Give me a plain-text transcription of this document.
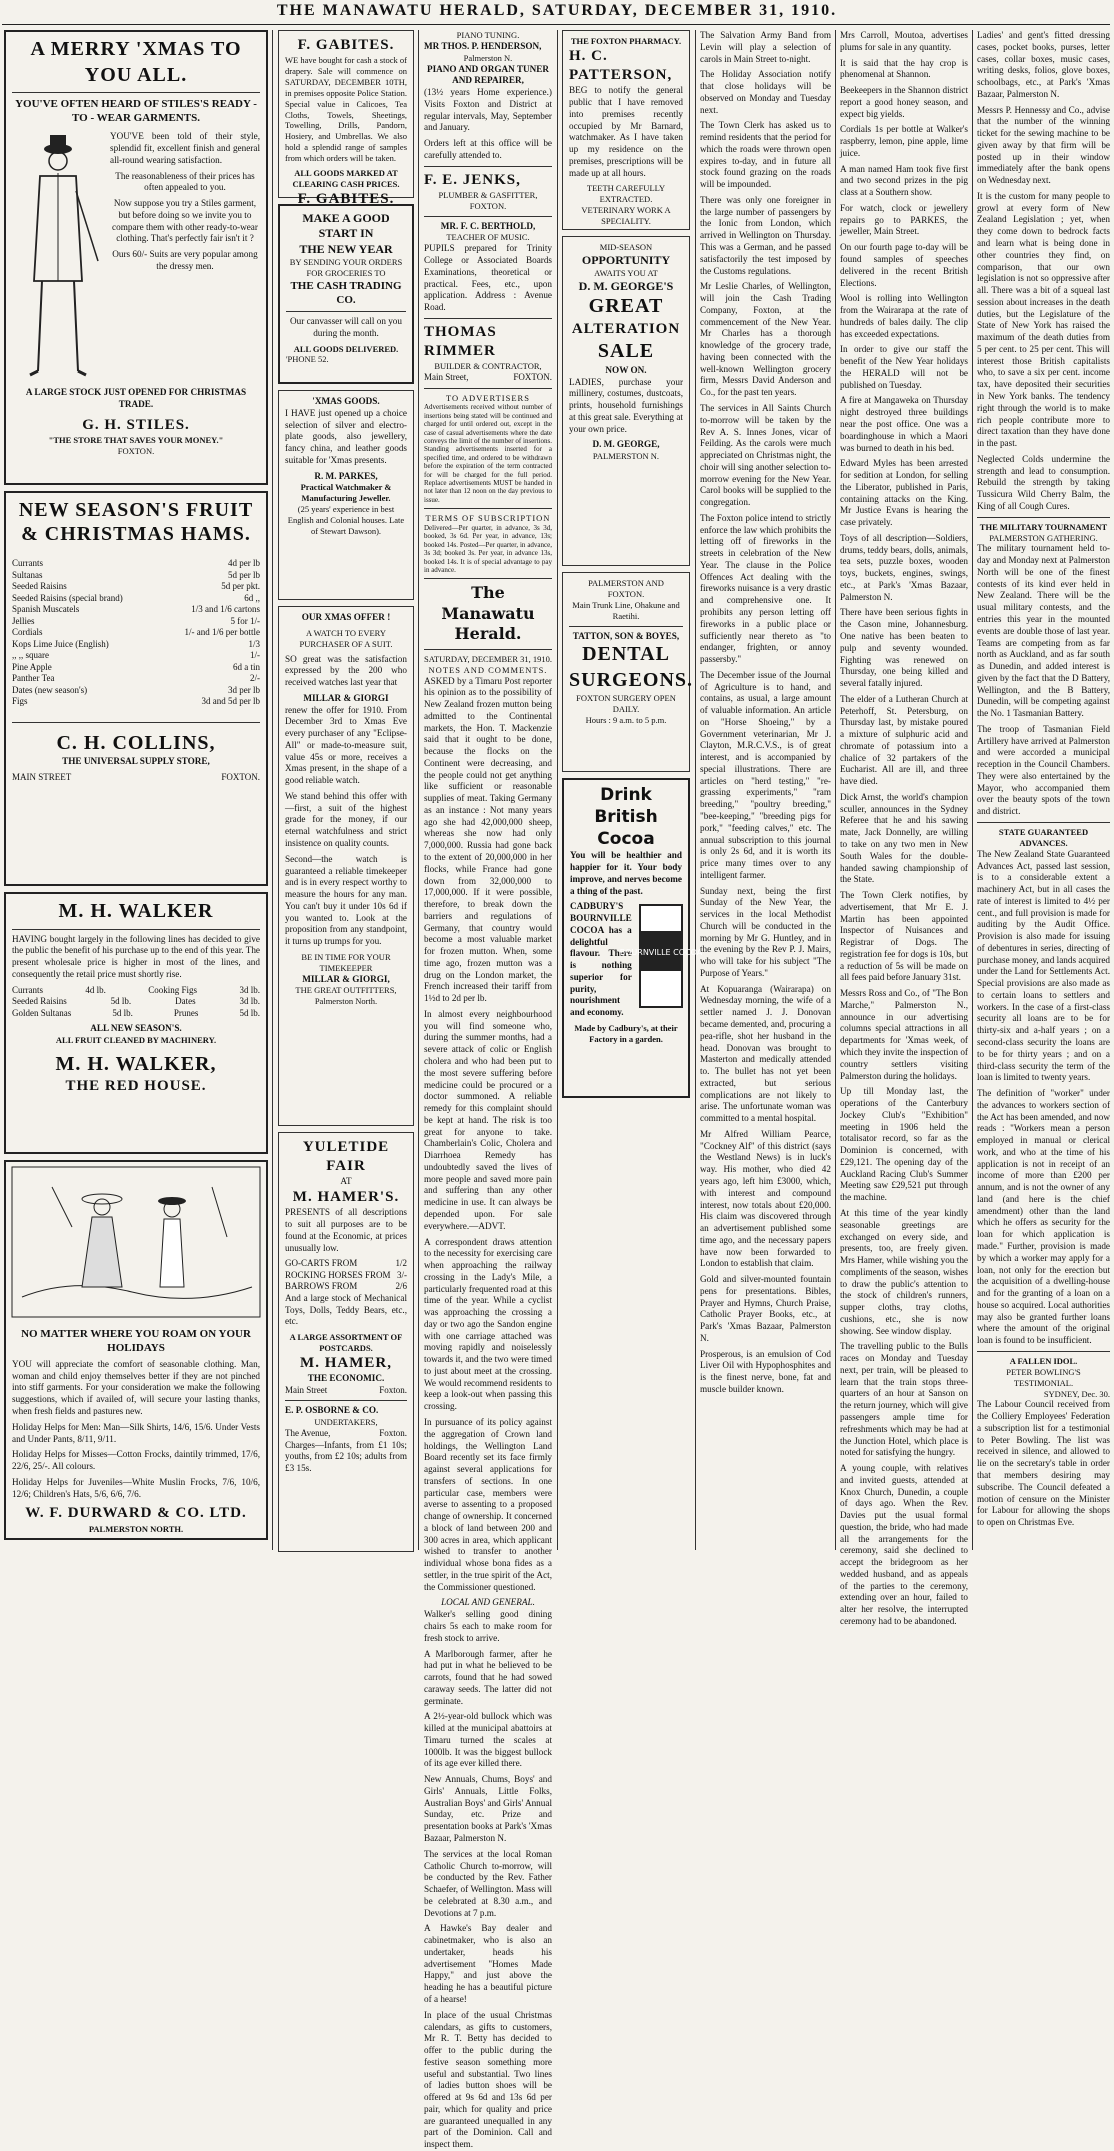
THE MANAWATU HERALD, SATURDAY, DECEMBER 31, 1910.
A MERRY 'XMAS TO YOU ALL.
YOU'VE OFTEN HEARD OF STILES'S READY - TO - WEAR GARMENTS.

YOU'VE been told of their style, splendid fit, excellent finish and general all-round wearing satisfaction.

The reasonableness of their prices has often appealed to you.

Now suppose you try a Stiles garment, but before doing so we invite you to compare them with other ready-to-wear clothing. That's perfectly fair isn't it ?

Ours 60/- Suits are very popular among the dressy men.

A LARGE STOCK JUST OPENED FOR CHRISTMAS TRADE.
G. H. STILES.
"THE STORE THAT SAVES YOUR MONEY."
FOXTON.
NEW SEASON'S FRUIT & CHRISTMAS HAMS.
Currants	4d per lb
Sultanas	5d per lb
Seeded Raisins	5d per pkt.
Seeded Raisins (special brand)	6d ,,
Spanish Muscatels	1/3 and 1/6 cartons
Jellies	5 for 1/-
Cordials	1/- and 1/6 per bottle
Kops Lime Juice (English)	1/3
,, ,, square	1/-
Pine Apple	6d a tin
Panther Tea	2/-
Dates (new season's)	3d per lb
Figs	3d and 5d per lb
C. H. COLLINS,
THE UNIVERSAL SUPPLY STORE,
MAIN STREET	FOXTON.
M. H. WALKER

HAVING bought largely in the following lines has decided to give the public the benefit of his purchase up to the end of this year. The present wholesale price is higher in most of the lines, and consequently the retail price must shortly rise.

Currants	4d lb.	Cooking Figs	3d lb.
Seeded Raisins	5d lb.	Dates	3d lb.
Golden Sultanas	5d lb.	Prunes	5d lb.
ALL NEW SEASON'S.
ALL FRUIT CLEANED BY MACHINERY.
M. H. WALKER,
THE RED HOUSE.
NO MATTER WHERE YOU ROAM ON YOUR HOLIDAYS

YOU will appreciate the comfort of seasonable clothing. Man, woman and child enjoy themselves better if they are not pinched into stiff garments. For your consideration we make the following suggestions, which if availed of, will secure your lasting thanks, when fresh fields and pastures new.

Holiday Helps for Men: Man—Silk Shirts, 14/6, 15/6. Under Vests and Under Pants, 8/11, 9/11.

Holiday Helps for Misses—Cotton Frocks, daintily trimmed, 17/6, 22/6, 25/-. All colours.

Holiday Helps for Juveniles—White Muslin Frocks, 7/6, 10/6, 12/6; Children's Hats, 5/6, 6/6, 7/6.

W. F. DURWARD & CO. LTD.
PALMERSTON NORTH.
F. GABITES.

WE have bought for cash a stock of drapery. Sale will commence on SATURDAY, DECEMBER 10TH, in premises opposite Police Station. Special value in Calicoes, Tea Cloths, Towels, Sheetings, Towelling, Drills, Pandorn, Hosiery, and Umbrellas. We also hold a splendid range of samples from which orders will be taken.

ALL GOODS MARKED AT CLEARING CASH PRICES.
F. GABITES.
MAKE A GOOD START IN
THE NEW YEAR
BY SENDING YOUR ORDERS FOR GROCERIES TO
THE CASH TRADING CO.

Our canvasser will call on you during the month.

ALL GOODS DELIVERED.
'PHONE 52.
'XMAS GOODS.

I HAVE just opened up a choice selection of silver and electro-plate goods, also jewellery, fancy china, and leather goods suitable for 'Xmas presents.

R. M. PARKES,
Practical Watchmaker & Manufacturing Jeweller.

(25 years' experience in best English and Colonial houses. Late of Stewart Dawson).

OUR XMAS OFFER !
A WATCH TO EVERY PURCHASER OF A SUIT.

SO great was the satisfaction expressed by the 200 who received watches last year that

MILLAR & GIORGI

renew the offer for 1910. From December 3rd to Xmas Eve every purchaser of any "Eclipse-All" or made-to-measure suit, value 45s or more, receives a Xmas present, in the shape of a good reliable watch.

We stand behind this offer with—first, a suit of the highest grade for the money, if our eternal watchfulness and strict insistence on quality counts.

Second—the watch is guaranteed a reliable timekeeper and is in every respect worthy to measure the hours for any man. You can't buy it under 10s 6d if you wanted to. Look at the proposition from any standpoint, it turns up trumps for you.

BE IN TIME FOR YOUR TIMEKEEPER
MILLAR & GIORGI,
THE GREAT OUTFITTERS,
Palmerston North.
YULETIDE
FAIR
AT
M. HAMER'S.

PRESENTS of all descriptions to suit all purposes are to be found at the Economic, at prices unusually low.

GO-CARTS FROM	1/2
ROCKING HORSES FROM 3/-
BARROWS FROM	2/6

And a large stock of Mechanical Toys, Dolls, Teddy Bears, etc., etc.

A LARGE ASSORTMENT OF POSTCARDS.
M. HAMER,
THE ECONOMIC.
Main Street	Foxton.
E. P. OSBORNE & CO.
UNDERTAKERS,
The Avenue,	Foxton.

Charges—Infants, from £1 10s; youths, from £2 10s; adults from £3 15s.

PIANO TUNING.
MR THOS. P. HENDERSON,
Palmerston N.
PIANO AND ORGAN TUNER AND REPAIRER,

(13½ years Home experience.) Visits Foxton and District at regular intervals, May, September and January.

Orders left at this office will be carefully attended to.

F. E. JENKS,
PLUMBER & GASFITTER,
FOXTON.
MR. F. C. BERTHOLD,
TEACHER OF MUSIC.

PUPILS prepared for Trinity College or Associated Boards Examinations, theoretical or practical. Fees, etc., upon application. Address : Avenue Road.

THOMAS RIMMER
BUILDER & CONTRACTOR,
Main Street,	FOXTON.
TO ADVERTISERS

Advertisements received without number of insertions being stated will be continued and charged for until ordered out, except in the case of casual advertisements where the date conveys the limit of the number of insertions. Standing advertisements inserted for a specified time, and ordered to be withdrawn before the expiration of the term contracted for will be charged for the full period. Replace advertisements MUST be handed in not later than 12 noon on the day previous to issue.

TERMS OF SUBSCRIPTION

Delivered—Per quarter, in advance, 3s 3d, booked, 3s 6d. Per year, in advance, 13s; booked 14s. Posted—Per quarter, in advance, 3s 3d; booked 3s. Per year, in advance 13s, booked 14s. It is of special advantage to pay in advance.

The Manawatu Herald.
SATURDAY, DECEMBER 31, 1910.
NOTES AND COMMENTS.

ASKED by a Timaru Post reporter his opinion as to the possibility of New Zealand frozen mutton being admitted to the Continental markets, the Hon. T. Mackenzie said that it ought to be done, because the flocks on the Continent were decreasing, and the people could not get anything like sufficient or reasonable supplies of meat. Taking Germany as an instance : Not many years ago she had 42,000,000 sheep, whereas she now had only 7,000,000. Russia had gone back to the extent of 20,000,000 in her flocks, while France had gone down from 32,000,000 to 17,000,000. If it were possible, therefore, to break down the barriers and regulations of Germany, that country would become a most valuable market for frozen mutton. When, some time ago, frozen mutton was a drug on the London market, the French increased their tariff from 1½d to 2d per lb.

In almost every neighbourhood you will find someone who, during the summer months, had a severe attack of colic or English cholera and who had been put to the most severe suffering before medicine could be procured or a doctor summoned. A reliable remedy for this complaint should be kept at hand. The risk is too great for anyone to take. Chamberlain's Colic, Cholera and Diarrhoea Remedy has undoubtedly saved the lives of more people and saved more pain and suffering than any other medicine in use. It can always be depended upon. For sale everywhere.—ADVT.

A correspondent draws attention to the necessity for exercising care when approaching the railway crossing in the Lady's Mile, a particularly frequented road at this time of the year. While a cyclist was approaching the crossing a day or two ago the Sandon engine with one carriage attached was moving rapidly and noiselessly towards it, and the two were timed to just about meet at the crossing. We would recommend residents to keep a look-out when passing this crossing.

In pursuance of its policy against the aggregation of Crown land holdings, the Wellington Land Board recently set its face firmly against several applications for transfers of sections. In one particular case, members were averse to assenting to a proposed change of ownership. It concerned a block of land between 200 and 300 acres in area, which applicant wished to transfer to another individual whose bona fides as a settler, in the true spirit of the Act, the Commissioner questioned.

LOCAL AND GENERAL.

Walker's selling good dining chairs 5s each to make room for fresh stock to arrive.

A Marlborough farmer, after he had put in what he believed to be carrots, found that he had sowed caraway seeds. The latter did not germinate.

A 2½-year-old bullock which was killed at the municipal abattoirs at Timaru turned the scales at 1000lb. It was the biggest bullock of its age ever killed there.

New Annuals, Chums, Boys' and Girls' Annuals, Little Folks, Australian Boys' and Girls' Annual Sunday, etc. Prize and presentation books at Park's 'Xmas Bazaar, Palmerston N.

The services at the local Roman Catholic Church to-morrow, will be conducted by the Rev. Father Schaefer, of Wellington. Mass will be celebrated at 8.30 a.m., and Devotions at 7 p.m.

A Hawke's Bay dealer and cabinetmaker, who is also an undertaker, heads his advertisement "Homes Made Happy," and just above the heading he has a beautiful picture of a hearse!

In place of the usual Christmas calendars, as gifts to customers, Mr R. T. Betty has decided to offer to the public during the festive season something more useful and substantial. Two lines of ladies button shoes will be offered at 9s 6d and 13s 6d per pair, which for quality and price are guaranteed unequalled in any part of the Dominion. Call and inspect them.

THE FOXTON PHARMACY.
H. C. PATTERSON,

BEG to notify the general public that I have removed into premises recently occupied by Mr Barnard, watchmaker. As I have taken up my residence on the premises, prescriptions will be made up at all hours.

TEETH CAREFULLY EXTRACTED.
VETERINARY WORK A SPECIALITY.
MID-SEASON
OPPORTUNITY
AWAITS YOU AT
D. M. GEORGE'S
GREAT
ALTERATION
SALE
NOW ON.

LADIES, purchase your millinery, costumes, dustcoats, prints, household furnishings at this great sale. Everything at your own price.

D. M. GEORGE,
PALMERSTON N.
PALMERSTON AND FOXTON.
Main Trunk Line, Ohakune and Raetihi.
TATTON, SON & BOYES,
DENTAL SURGEONS.
FOXTON SURGERY OPEN DAILY.
Hours : 9 a.m. to 5 p.m.
Drink British Cocoa

You will be healthier and happier for it. Your body improve, and nerves become a thing of the past.

CADBURY'S BOURNVILLE COCOA has a delightful flavour. There is nothing superior for purity, nourishment and economy.

BOURNVILLE COCOA
Made by Cadbury's, at their Factory in a garden.

The Salvation Army Band from Levin will play a selection of carols in Main Street to-night.

The Holiday Association notify that close holidays will be observed on Monday and Tuesday next.

The Town Clerk has asked us to remind residents that the period for which the roads were thrown open expires to-day, and in future all stock found grazing on the roads will be impounded.

There was only one foreigner in the large number of passengers by the Ionic from London, which arrived in Wellington on Thursday. This was a German, and he passed satisfactorily the test imposed by the Customs regulations.

Mr Leslie Charles, of Wellington, will join the Cash Trading Company, Foxton, at the commencement of the New Year. Mr Charles has a thorough knowledge of the grocery trade, having been connected with the well-known Wellington grocery firm, Messrs David Anderson and Co., for the past ten years.

The services in All Saints Church to-morrow will be taken by the Rev A. S. Innes Jones, vicar of Feilding. As the carols were much appreciated on Christmas night, the choir will sing another selection to-morrow evening for the New Year. Carol books will be supplied to the congregation.

The Foxton police intend to strictly enforce the law which prohibits the letting off of fireworks in the streets in celebration of the New Year. The clause in the Police Offences Act dealing with the fireworks nuisance is a very drastic and comprehensive one. It prohibits any person letting off fireworks in a public place or sufficiently near thereto as "to endanger, frighten, or annoy passersby."

The December issue of the Journal of Agriculture is to hand, and contains, as usual, a large amount of valuable information. An article on "Horse Shoeing," by a Government veterinarian, Mr J. Clayton, M.R.C.V.S., is of great interest, and is accompanied by special illustrations. There are articles on "herd testing," "re-grassing experiments," "ram breeding," "poultry breeding," "bee-keeping," "breeding pigs for pork," "feeding calves," etc. The annual subscription to this journal is only 2s 6d, and it is worth its price many times over to any intelligent farmer.

Sunday next, being the first Sunday of the New Year, the services in the local Methodist Church will be conducted in the morning by Mr G. Huntley, and in the evening by the Rev P. J. Mairs, who will take for his subject "The Purpose of Years."

At Kopuaranga (Wairarapa) on Wednesday morning, the wife of a settler named J. J. Donovan became demented, and, procuring a pea-rifle, shot her husband in the head. Donovan was brought to Masterton and medically attended to. The bullet has not yet been extracted, but serious complications are not likely to arise. The unfortunate woman was committed to a mental hospital.

Mr Alfred William Pearce, "Cockney Alf" of this district (says the Westland News) is in luck's way. His mother, who died 42 years ago, left him £3000, which, with interest and compound interest, now totals about £20,000. His claim was discovered through an advertisement published some time ago, and the necessary papers have now been forwarded to London to establish that claim.

Gold and silver-mounted fountain pens for presentations. Bibles, Prayer and Hymns, Church Praise, Catholic Prayer Books, etc., at Park's 'Xmas Bazaar, Palmerston N.

Prosperous, is an emulsion of Cod Liver Oil with Hypophosphites and is the finest nerve, bone, fat and muscle builder known.

Mrs Carroll, Moutoa, advertises plums for sale in any quantity.

It is said that the hay crop is phenomenal at Shannon.

Beekeepers in the Shannon district report a good honey season, and expect big yields.

Cordials 1s per bottle at Walker's raspberry, lemon, pine apple, lime juice.

A man named Ham took five first and two second prizes in the pig class at a Southern show.

For watch, clock or jewellery repairs go to PARKES, the jeweller, Main Street.

On our fourth page to-day will be found samples of speeches delivered in the recent British Elections.

Wool is rolling into Wellington from the Wairarapa at the rate of hundreds of bales daily. The clip has exceeded expectations.

In order to give our staff the benefit of the New Year holidays the HERALD will not be published on Tuesday.

A fire at Mangaweka on Thursday night destroyed three buildings near the post office. One was a boardinghouse in which a Maori was burned to death in his bed.

Edward Myles has been arrested for sedition at London, for selling the Liberator, published in Paris, containing attacks on the King. Mr Justice Evans is hearing the case privately.

Toys of all description—Soldiers, drums, teddy bears, dolls, animals, tea sets, puzzle boxes, wooden toys, buckets, engines, swings, etc., at Park's 'Xmas Bazaar, Palmerston N.

There have been serious fights in the Cason mine, Johannesburg. One native has been beaten to pulp and seventy wounded. Fighting was renewed on Thursday, one being killed and several fatally injured.

The elder of a Lutheran Church at Peterhoff, St. Petersburg, on Thursday last, by mistake poured a mixture of sulphuric acid and chromate of potassium into a chalice of 32 partakers of the Eucharist. All are ill, and three have died.

Dick Arnst, the world's champion sculler, announces in the Sydney Referee that he and his sawing mate, Jack Donnelly, are willing to take on any two men in New South Wales for the double-handed sawing championship of the State.

The Town Clerk notifies, by advertisement, that Mr E. J. Martin has been appointed Inspector of Nuisances and Registrar of Dogs. The registration fee for dogs is 10s, but a reduction of 5s will be made on all fees paid before January 31st.

Messrs Ross and Co., of "The Bon Marche," Palmerston N., announce in our advertising columns special attractions in all departments for 'Xmas week, of which they invite the inspection of country settlers visiting Palmerston during the holidays.

Up till Monday last, the operations of the Canterbury Jockey Club's "Exhibition" meeting in 1906 held the totalisator record, so far as the Dominion is concerned, with £29,121. The opening day of the Auckland Racing Club's Summer Meeting saw £29,521 put through the machine.

At this time of the year kindly seasonable greetings are exchanged on every side, and presents, too, are freely given. Mrs Hamer, while wishing you the compliments of the season, wishes to draw the public's attention to the stock of children's runners, supper cloths, tray cloths, cushions, etc., she is now showing. See window display.

The travelling public to the Bulls races on Monday and Tuesday next, per train, will be pleased to learn that the train stops three-quarters of an hour at Sanson on the return journey, which will give passengers ample time for refreshments which may be had at the Junction Hotel, which place is noted for satisfying the hungry.

A young couple, with relatives and invited guests, attended at Knox Church, Dunedin, a couple of days ago. When the Rev. Davies put the usual formal question, the bride, who had made all the arrangements for the ceremony, said she declined to accept the bridegroom as her wedded husband, and as appeals of the parties to the ceremony, extending over an hour, failed to alter her resolve, the interrupted ceremony had to be abandoned.

Ladies' and gent's fitted dressing cases, pocket books, purses, letter cases, collar boxes, music cases, writing desks, folios, glove boxes, schoolbags, etc., at Park's 'Xmas Bazaar, Palmerston N.

Messrs P. Hennessy and Co., advise that the number of the winning ticket for the sewing machine to be given away by that firm will be posted up in their window immediately after the bank opens on Wednesday next.

It is the custom for many people to growl at every form of New Zealand Legislation ; yet, when they come down to bedrock facts and learn what is being done in other countries they find, on comparison, that our own legislation is not so oppressive after all. There was a bit of a squeal last session about increases in the death duties, but the Legislature of the State of New York has raised the maximum of the death duties from 5 per cent. to 25 per cent. This will interest those British capitalists who, to save a six per cent. income tax, have deposited their securities in New York banks. The tendency right through the world is to make rich people contribute more to direct taxation than they have done in the past.

Neglected Colds undermine the strength and lead to consumption. Rebuild the strength by taking Tussicura Wild Cherry Balm, the King of all Cough Cures.

THE MILITARY TOURNAMENT
PALMERSTON GATHERING.

The military tournament held to-day and Monday next at Palmerston North will be one of the finest contests of its kind ever held in New Zealand. There will be the usual military contests, and the entries this year in the mounted events are double those of last year. Teams are competing from as far north as Auckland, and as far south as Dunedin, and added interest is given by the fact that the D Battery, Wellington, and the B Battery, Dunedin, will be competing against the No. 1 Tasmanian Battery.

The troop of Tasmanian Field Artillery have arrived at Palmerston and were accorded a municipal reception in the Council Chambers. They were also entertained by the Mayor, who accompanied them over the beauty spots of the town and district.

STATE GUARANTEED ADVANCES.

The New Zealand State Guaranteed Advances Act, passed last session, is to a considerable extent a machinery Act, but in all cases the rate of interest is limited to 4½ per cent., and full provision is made for auditing by the Audit Office. Provision is also made for issuing of debentures in series, directing of purchase money, and lands acquired under the Land for Settlements Act. Special provisions are also made as to certain loans to settlers and workers. In the case of a first-class security all loans are to be for thirty-six and a-half years ; on a second-class security the loans are to be for thirty years ; and on a third-class security the term of the loan is limited to twenty years.

The definition of "worker" under the advances to workers section of the Act has been amended, and now reads : "Workers mean a person employed in manual or clerical work, and who at the time of his application is not in receipt of an income of more than £200 per annum, and is not the owner of any land (and here is the chief amendment) other than the land which he offers as security for the loan for which application is made." Further, provision is made by which a worker may apply for a loan, not only for the erection but the acquisition of a dwelling-house and for the granting of a loan on a house so acquired. Local authorities may also be granted further loans where the amount of the original loan is found to be insufficient.

A FALLEN IDOL.
PETER BOWLING'S TESTIMONIAL.
SYDNEY, Dec. 30.

The Labour Council received from the Colliery Employees' Federation a subscription list for a testimonial to Peter Bowling. The list was received in silence, and allowed to lie on the secretary's table in order that members desiring may subscribe. The Council defeated a motion of censure on the Minister for Labour for allowing the shops to open on Christmas Eve.
